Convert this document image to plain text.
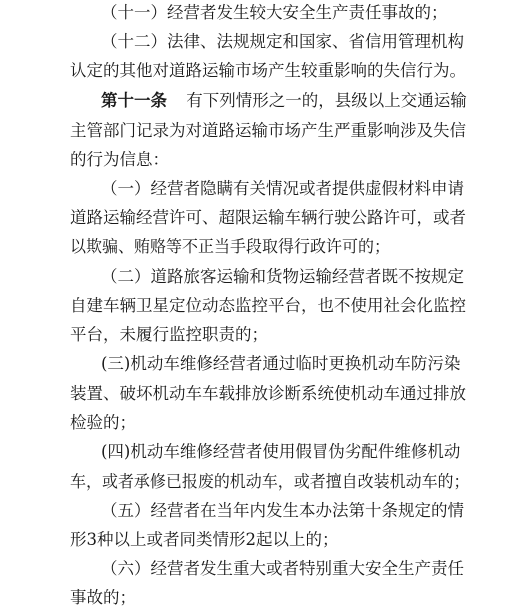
（十一）经营者发生较大安全生产责任事故的；
（十二）法律、法规规定和国家、省信用管理机构
认定的其他对道路运输市场产生较重影响的失信行为。
第十一条 有下列情形之一的，县级以上交通运输
主管部门记录为对道路运输市场产生严重影响涉及失信
的行为信息：
（一）经营者隐瞒有关情况或者提供虚假材料申请
道路运输经营许可、超限运输车辆行驶公路许可，或者
以欺骗、贿赂等不正当手段取得行政许可的；
（二）道路旅客运输和货物运输经营者既不按规定
自建车辆卫星定位动态监控平台，也不使用社会化监控
平台，未履行监控职责的；
(三)机动车维修经营者通过临时更换机动车防污染
装置、破坏机动车车载排放诊断系统使机动车通过排放
检验的；
(四)机动车维修经营者使用假冒伪劣配件维修机动
车，或者承修已报废的机动车，或者擅自改装机动车的；
（五）经营者在当年内发生本办法第十条规定的情
形3种以上或者同类情形2起以上的；
（六）经营者发生重大或者特别重大安全生产责任
事故的；
